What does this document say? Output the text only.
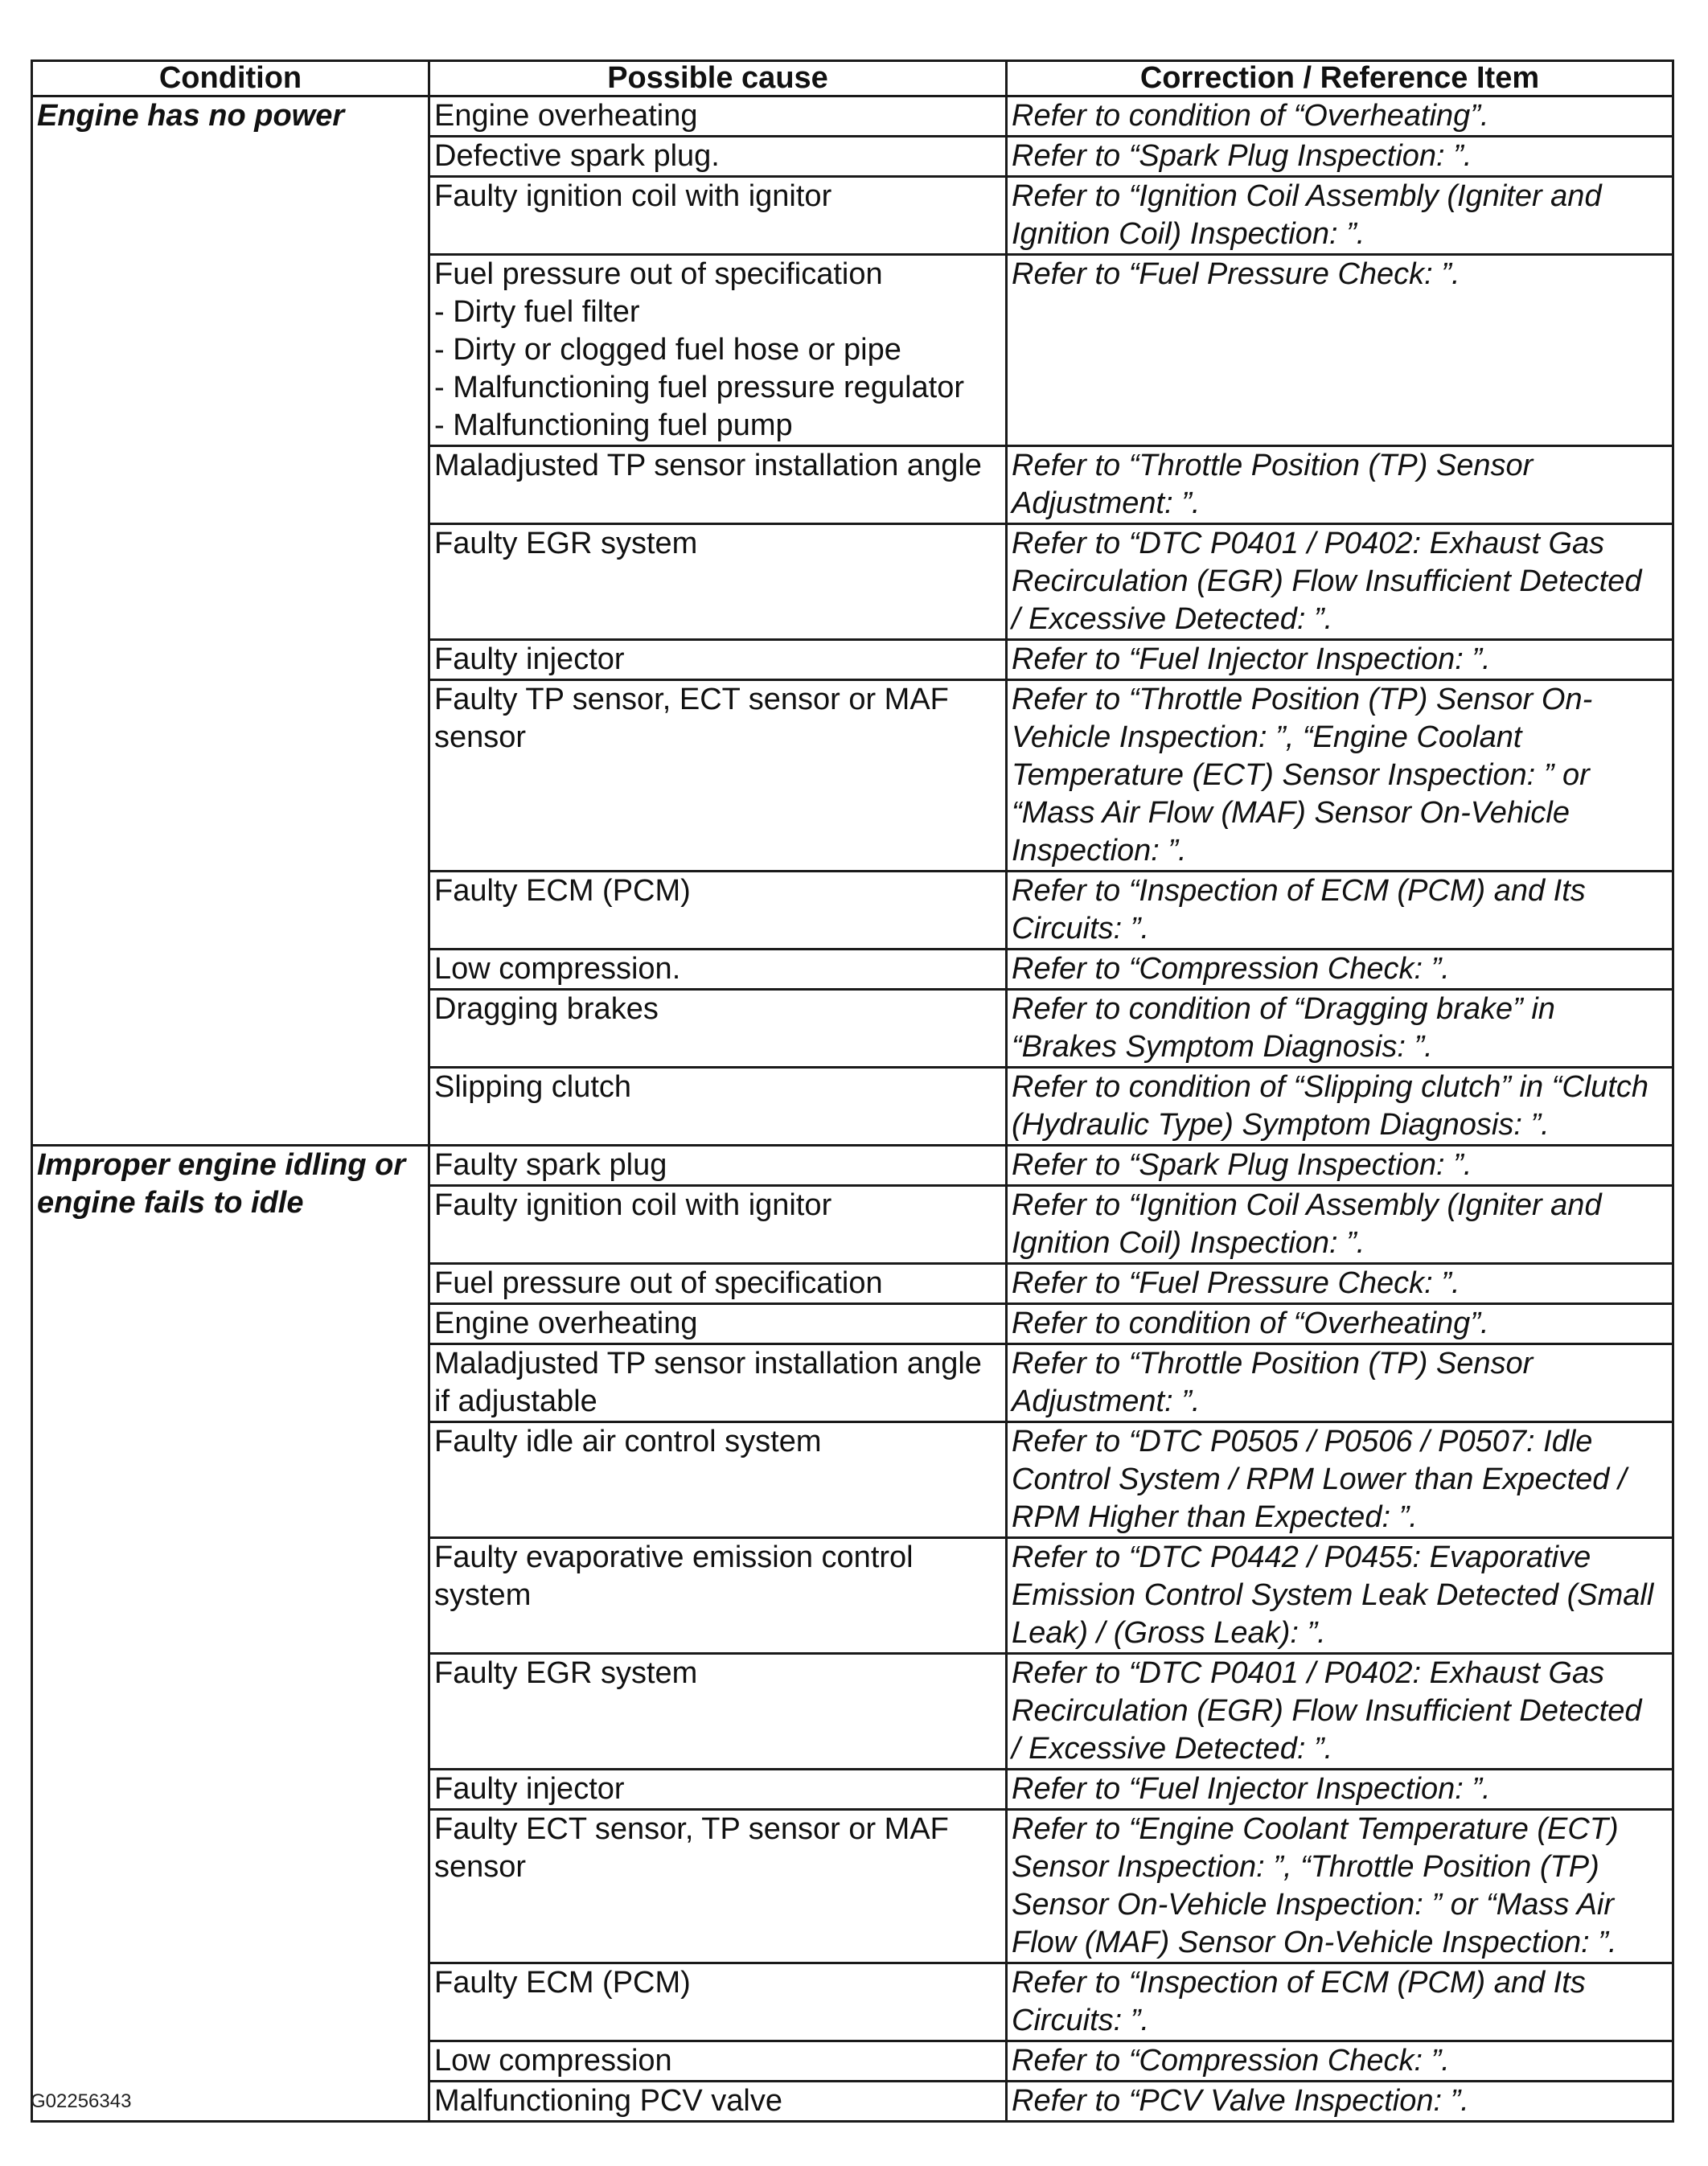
Condition	Possible cause	Correction / Reference Item

Engine has no power	Engine overheating	Refer to condition of “Overheating”.

	Defective spark plug.	Refer to “Spark Plug Inspection: ”.

	Faulty ignition coil with ignitor	Refer to “Ignition Coil Assembly (Igniter and
Ignition Coil) Inspection: ”.

	Fuel pressure out of specification
- Dirty fuel filter
- Dirty or clogged fuel hose or pipe
- Malfunctioning fuel pressure regulator
- Malfunctioning fuel pump	Refer to “Fuel Pressure Check: ”.

	Maladjusted TP sensor installation angle	Refer to “Throttle Position (TP) Sensor
Adjustment: ”.

	Faulty EGR system	Refer to “DTC P0401 / P0402: Exhaust Gas
Recirculation (EGR) Flow Insufficient Detected
/ Excessive Detected: ”.

	Faulty injector	Refer to “Fuel Injector Inspection: ”.

	Faulty TP sensor, ECT sensor or MAF
sensor	Refer to “Throttle Position (TP) Sensor On-
Vehicle Inspection: ”, “Engine Coolant
Temperature (ECT) Sensor Inspection: ” or
“Mass Air Flow (MAF) Sensor On-Vehicle
Inspection: ”.

	Faulty ECM (PCM)	Refer to “Inspection of ECM (PCM) and Its
Circuits: ”.

	Low compression.	Refer to “Compression Check: ”.

	Dragging brakes	Refer to condition of “Dragging brake” in
“Brakes Symptom Diagnosis: ”.

	Slipping clutch	Refer to condition of “Slipping clutch” in “Clutch
(Hydraulic Type) Symptom Diagnosis: ”.

Improper engine idling or
engine fails to idle	Faulty spark plug	Refer to “Spark Plug Inspection: ”.

	Faulty ignition coil with ignitor	Refer to “Ignition Coil Assembly (Igniter and
Ignition Coil) Inspection: ”.

	Fuel pressure out of specification	Refer to “Fuel Pressure Check: ”.

	Engine overheating	Refer to condition of “Overheating”.

	Maladjusted TP sensor installation angle
if adjustable	Refer to “Throttle Position (TP) Sensor
Adjustment: ”.

	Faulty idle air control system	Refer to “DTC P0505 / P0506 / P0507: Idle
Control System / RPM Lower than Expected /
RPM Higher than Expected: ”.

	Faulty evaporative emission control
system	Refer to “DTC P0442 / P0455: Evaporative
Emission Control System Leak Detected (Small
Leak) / (Gross Leak): ”.

	Faulty EGR system	Refer to “DTC P0401 / P0402: Exhaust Gas
Recirculation (EGR) Flow Insufficient Detected
/ Excessive Detected: ”.

	Faulty injector	Refer to “Fuel Injector Inspection: ”.

	Faulty ECT sensor, TP sensor or MAF
sensor	Refer to “Engine Coolant Temperature (ECT)
Sensor Inspection: ”, “Throttle Position (TP)
Sensor On-Vehicle Inspection: ” or “Mass Air
Flow (MAF) Sensor On-Vehicle Inspection: ”.

	Faulty ECM (PCM)	Refer to “Inspection of ECM (PCM) and Its
Circuits: ”.

	Low compression	Refer to “Compression Check: ”.

	Malfunctioning PCV valve	Refer to “PCV Valve Inspection: ”.
G02256343
